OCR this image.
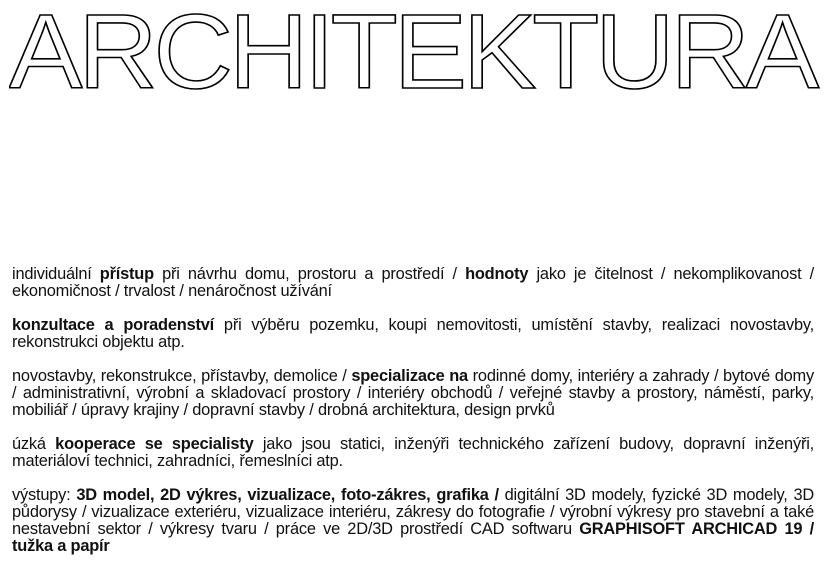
ARCHITEKTURA

individuální přístup při návrhu domu, prostoru a prostředí / hodnoty jako je čitelnost / nekomplikovanost / ekonomičnost / trvalost / nenáročnost užívání

konzultace a poradenství při výběru pozemku, koupi nemovitosti, umístění stavby, realizaci novostavby, rekonstrukci objektu atp.

novostavby, rekonstrukce, přístavby, demolice / specializace na rodinné domy, interiéry a zahrady / bytové domy / administrativní, výrobní a skladovací prostory / interiéry obchodů / veřejné stavby a prostory, náměstí, parky, mobiliář / úpravy krajiny / dopravní stavby / drobná architektura, design prvků

úzká kooperace se specialisty jako jsou statici, inženýři technického zařízení budovy, dopravní inženýři, materiáloví technici, zahradníci, řemeslníci atp.

výstupy: 3D model, 2D výkres, vizualizace, foto-zákres, grafika / digitální 3D modely, fyzické 3D modely, 3D půdorysy / vizualizace exteriéru, vizualizace interiéru, zákresy do fotografie / výrobní výkresy pro stavební a také nestavební sektor / výkresy tvaru / práce ve 2D/3D prostředí CAD softwaru GRAPHISOFT ARCHICAD 19 / tužka a papír
